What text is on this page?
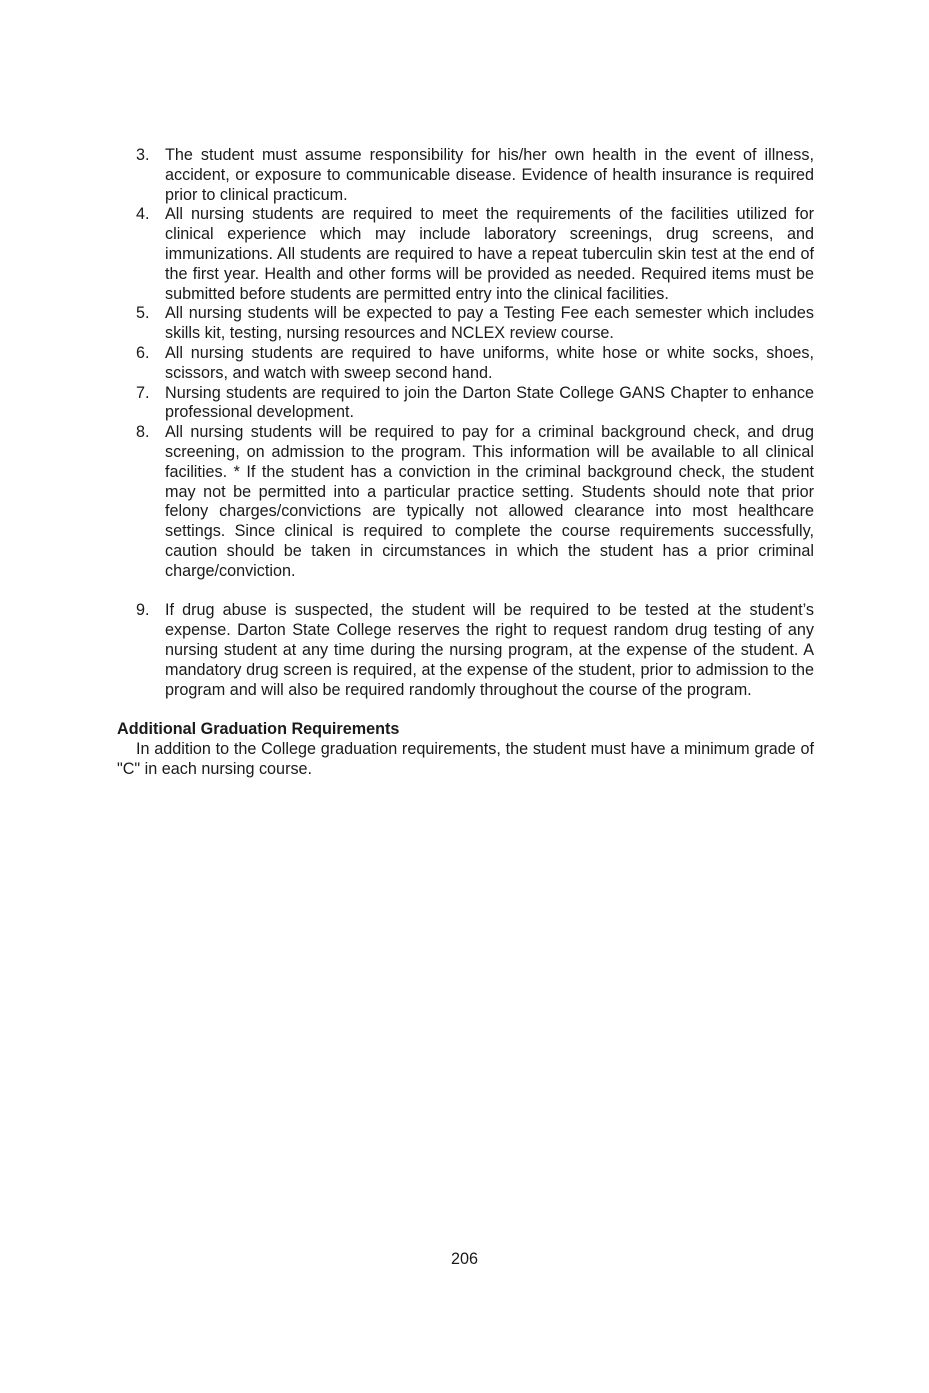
3. The student must assume responsibility for his/her own health in the event of illness, accident, or exposure to communicable disease. Evidence of health insurance is required prior to clinical practicum.
4. All nursing students are required to meet the requirements of the facilities utilized for clinical experience which may include laboratory screenings, drug screens, and immunizations. All students are required to have a repeat tuberculin skin test at the end of the first year. Health and other forms will be provided as needed. Required items must be submitted before students are permitted entry into the clinical facilities.
5. All nursing students will be expected to pay a Testing Fee each semester which includes skills kit, testing, nursing resources and NCLEX review course.
6. All nursing students are required to have uniforms, white hose or white socks, shoes, scissors, and watch with sweep second hand.
7. Nursing students are required to join the Darton State College GANS Chapter to enhance professional development.
8. All nursing students will be required to pay for a criminal background check, and drug screening, on admission to the program. This information will be available to all clinical facilities. * If the student has a conviction in the criminal background check, the student may not be permitted into a particular practice setting. Students should note that prior felony charges/convictions are typically not allowed clearance into most healthcare settings. Since clinical is required to complete the course requirements successfully, caution should be taken in circumstances in which the student has a prior criminal charge/conviction.
9. If drug abuse is suspected, the student will be required to be tested at the student’s expense. Darton State College reserves the right to request random drug testing of any nursing student at any time during the nursing program, at the expense of the student. A mandatory drug screen is required, at the expense of the student, prior to admission to the program and will also be required randomly throughout the course of the program.
Additional Graduation Requirements

In addition to the College graduation requirements, the student must have a minimum grade of "C" in each nursing course.

206
